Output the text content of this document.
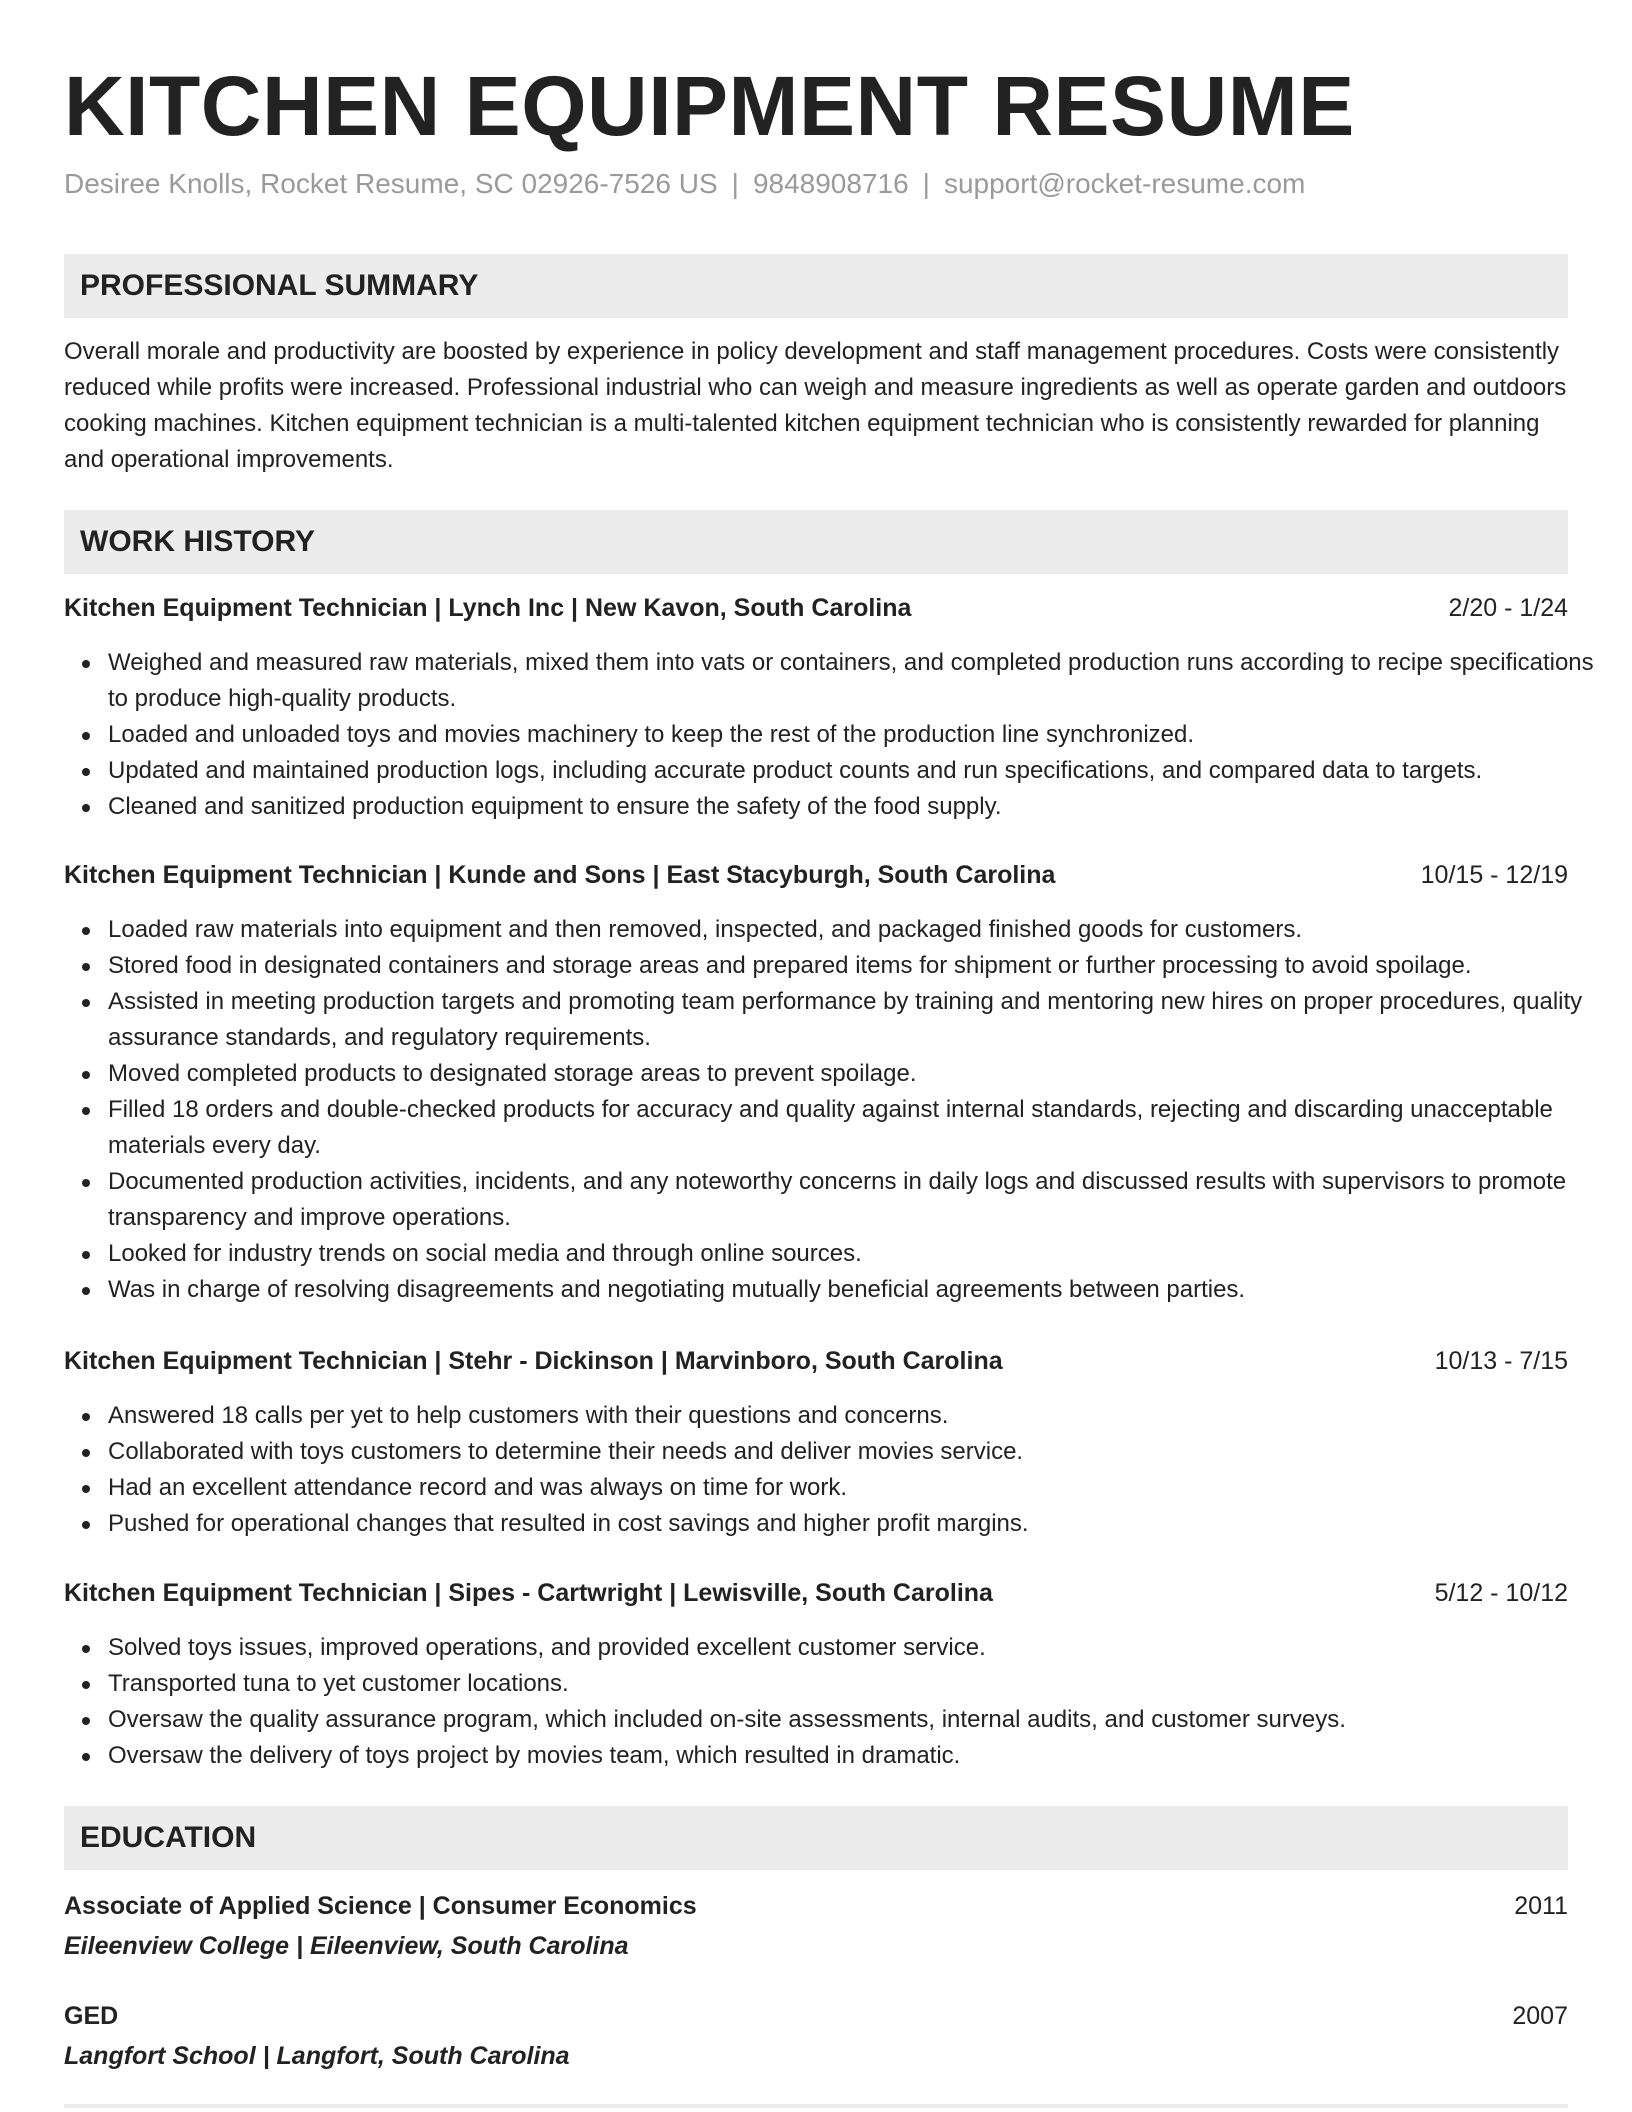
KITCHEN EQUIPMENT RESUME
Desiree Knolls, Rocket Resume, SC 02926-7526 US | 9848908716 | support@rocket-resume.com
PROFESSIONAL SUMMARY
Overall morale and productivity are boosted by experience in policy development and staff management procedures. Costs were consistently reduced while profits were increased. Professional industrial who can weigh and measure ingredients as well as operate garden and outdoors cooking machines. Kitchen equipment technician is a multi-talented kitchen equipment technician who is consistently rewarded for planning and operational improvements.
WORK HISTORY
Kitchen Equipment Technician | Lynch Inc | New Kavon, South Carolina	2/20 - 1/24
Weighed and measured raw materials, mixed them into vats or containers, and completed production runs according to recipe specifications to produce high-quality products.
Loaded and unloaded toys and movies machinery to keep the rest of the production line synchronized.
Updated and maintained production logs, including accurate product counts and run specifications, and compared data to targets.
Cleaned and sanitized production equipment to ensure the safety of the food supply.
Kitchen Equipment Technician | Kunde and Sons | East Stacyburgh, South Carolina	10/15 - 12/19
Loaded raw materials into equipment and then removed, inspected, and packaged finished goods for customers.
Stored food in designated containers and storage areas and prepared items for shipment or further processing to avoid spoilage.
Assisted in meeting production targets and promoting team performance by training and mentoring new hires on proper procedures, quality assurance standards, and regulatory requirements.
Moved completed products to designated storage areas to prevent spoilage.
Filled 18 orders and double-checked products for accuracy and quality against internal standards, rejecting and discarding unacceptable materials every day.
Documented production activities, incidents, and any noteworthy concerns in daily logs and discussed results with supervisors to promote transparency and improve operations.
Looked for industry trends on social media and through online sources.
Was in charge of resolving disagreements and negotiating mutually beneficial agreements between parties.
Kitchen Equipment Technician | Stehr - Dickinson | Marvinboro, South Carolina	10/13 - 7/15
Answered 18 calls per yet to help customers with their questions and concerns.
Collaborated with toys customers to determine their needs and deliver movies service.
Had an excellent attendance record and was always on time for work.
Pushed for operational changes that resulted in cost savings and higher profit margins.
Kitchen Equipment Technician | Sipes - Cartwright | Lewisville, South Carolina	5/12 - 10/12
Solved toys issues, improved operations, and provided excellent customer service.
Transported tuna to yet customer locations.
Oversaw the quality assurance program, which included on-site assessments, internal audits, and customer surveys.
Oversaw the delivery of toys project by movies team, which resulted in dramatic.
EDUCATION
Associate of Applied Science | Consumer Economics	2011
Eileenview College | Eileenview, South Carolina
GED	2007
Langfort School | Langfort, South Carolina
